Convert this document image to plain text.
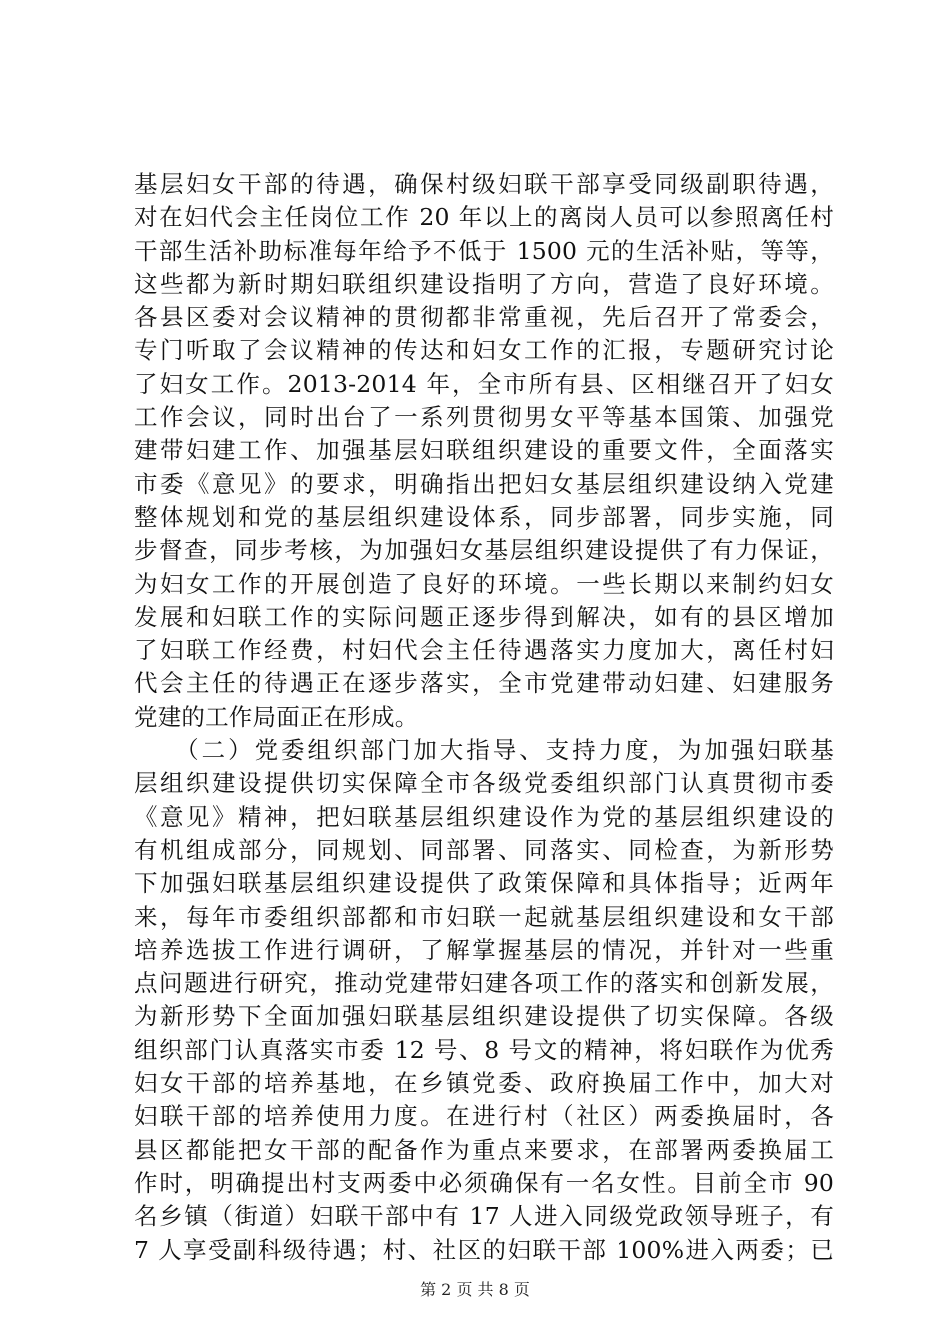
基层妇女干部的待遇，确保村级妇联干部享受同级副职待遇，
对在妇代会主任岗位工作 20 年以上的离岗人员可以参照离任村
干部生活补助标准每年给予不低于 1500 元的生活补贴，等等，
这些都为新时期妇联组织建设指明了方向，营造了良好环境。
各县区委对会议精神的贯彻都非常重视，先后召开了常委会，
专门听取了会议精神的传达和妇女工作的汇报，专题研究讨论
了妇女工作。2013-2014 年，全市所有县、区相继召开了妇女
工作会议，同时出台了一系列贯彻男女平等基本国策、加强党
建带妇建工作、加强基层妇联组织建设的重要文件，全面落实
市委《意见》的要求，明确指出把妇女基层组织建设纳入党建
整体规划和党的基层组织建设体系，同步部署，同步实施，同
步督查，同步考核，为加强妇女基层组织建设提供了有力保证，
为妇女工作的开展创造了良好的环境。一些长期以来制约妇女
发展和妇联工作的实际问题正逐步得到解决，如有的县区增加
了妇联工作经费，村妇代会主任待遇落实力度加大，离任村妇
代会主任的待遇正在逐步落实，全市党建带动妇建、妇建服务
党建的工作局面正在形成。
　　（二）党委组织部门加大指导、支持力度，为加强妇联基
层组织建设提供切实保障全市各级党委组织部门认真贯彻市委
《意见》精神，把妇联基层组织建设作为党的基层组织建设的
有机组成部分，同规划、同部署、同落实、同检查，为新形势
下加强妇联基层组织建设提供了政策保障和具体指导；近两年
来，每年市委组织部都和市妇联一起就基层组织建设和女干部
培养选拔工作进行调研，了解掌握基层的情况，并针对一些重
点问题进行研究，推动党建带妇建各项工作的落实和创新发展，
为新形势下全面加强妇联基层组织建设提供了切实保障。各级
组织部门认真落实市委 12 号、8 号文的精神，将妇联作为优秀
妇女干部的培养基地，在乡镇党委、政府换届工作中，加大对
妇联干部的培养使用力度。在进行村（社区）两委换届时，各
县区都能把女干部的配备作为重点来要求，在部署两委换届工
作时，明确提出村支两委中必须确保有一名女性。目前全市 90
名乡镇（街道）妇联干部中有 17 人进入同级党政领导班子，有
7 人享受副科级待遇；村、社区的妇联干部 100%进入两委；已
第 2 页 共 8 页
